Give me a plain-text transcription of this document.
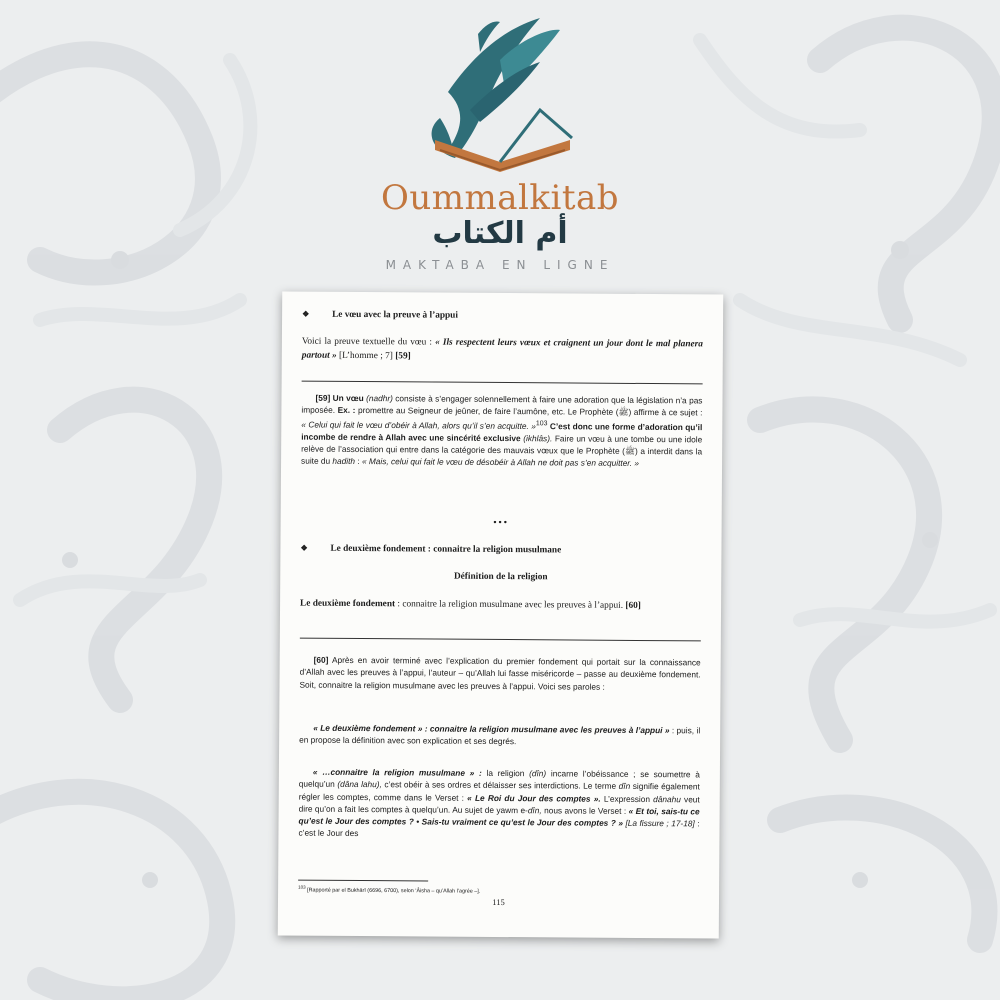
Oummalkitab
أم الكتاب
MAKTABA EN LIGNE

❖ Le vœu avec la preuve à l’appui

Voici la preuve textuelle du vœu : « Ils respectent leurs vœux et craignent un jour dont le mal planera partout » [L’homme ; 7] [59]

[59] Un vœu (nadhr) consiste à s’engager solennellement à faire une adoration que la législation n’a pas imposée. Ex. : promettre au Seigneur de jeûner, de faire l’aumône, etc. Le Prophète (ﷺ) affirme à ce sujet : « Celui qui fait le vœu d’obéir à Allah, alors qu’il s’en acquitte. »$^{103}$ C’est donc une forme d’adoration qu’il incombe de rendre à Allah avec une sincérité exclusive (ikhlâs). Faire un vœu à une tombe ou une idole relève de l’association qui entre dans la catégorie des mauvais vœux que le Prophète (ﷺ) a interdit dans la suite du hadith : « Mais, celui qui fait le vœu de désobéir à Allah ne doit pas s’en acquitter. »

•••

❖ Le deuxième fondement : connaitre la religion musulmane

Définition de la religion

Le deuxième fondement : connaitre la religion musulmane avec les preuves à l’appui. [60]

[60] Après en avoir terminé avec l’explication du premier fondement qui portait sur la connaissance d’Allah avec les preuves à l’appui, l’auteur – qu’Allah lui fasse miséricorde – passe au deuxième fondement. Soit, connaitre la religion musulmane avec les preuves à l’appui. Voici ses paroles :

« Le deuxième fondement » : connaitre la religion musulmane avec les preuves à l’appui » : puis, il en propose la définition avec son explication et ses degrés.

« …connaitre la religion musulmane » : la religion (dîn) incarne l’obéissance ; se soumettre à quelqu’un (dâna lahu), c’est obéir à ses ordres et délaisser ses interdictions. Le terme dîn signifie également régler les comptes, comme dans le Verset : « Le Roi du Jour des comptes ». L’expression dânahu veut dire qu’on a fait les comptes à quelqu’un. Au sujet de yawm e-dîn, nous avons le Verset : « Et toi, sais-tu ce qu’est le Jour des comptes ? • Sais-tu vraiment ce qu’est le Jour des comptes ? » [La fissure ; 17-18] : c’est le Jour des

$^{103}$ [Rapporté par el Bukhârî (6696, 6700), selon ‘Âisha – qu’Allah l’agrée –].

115
